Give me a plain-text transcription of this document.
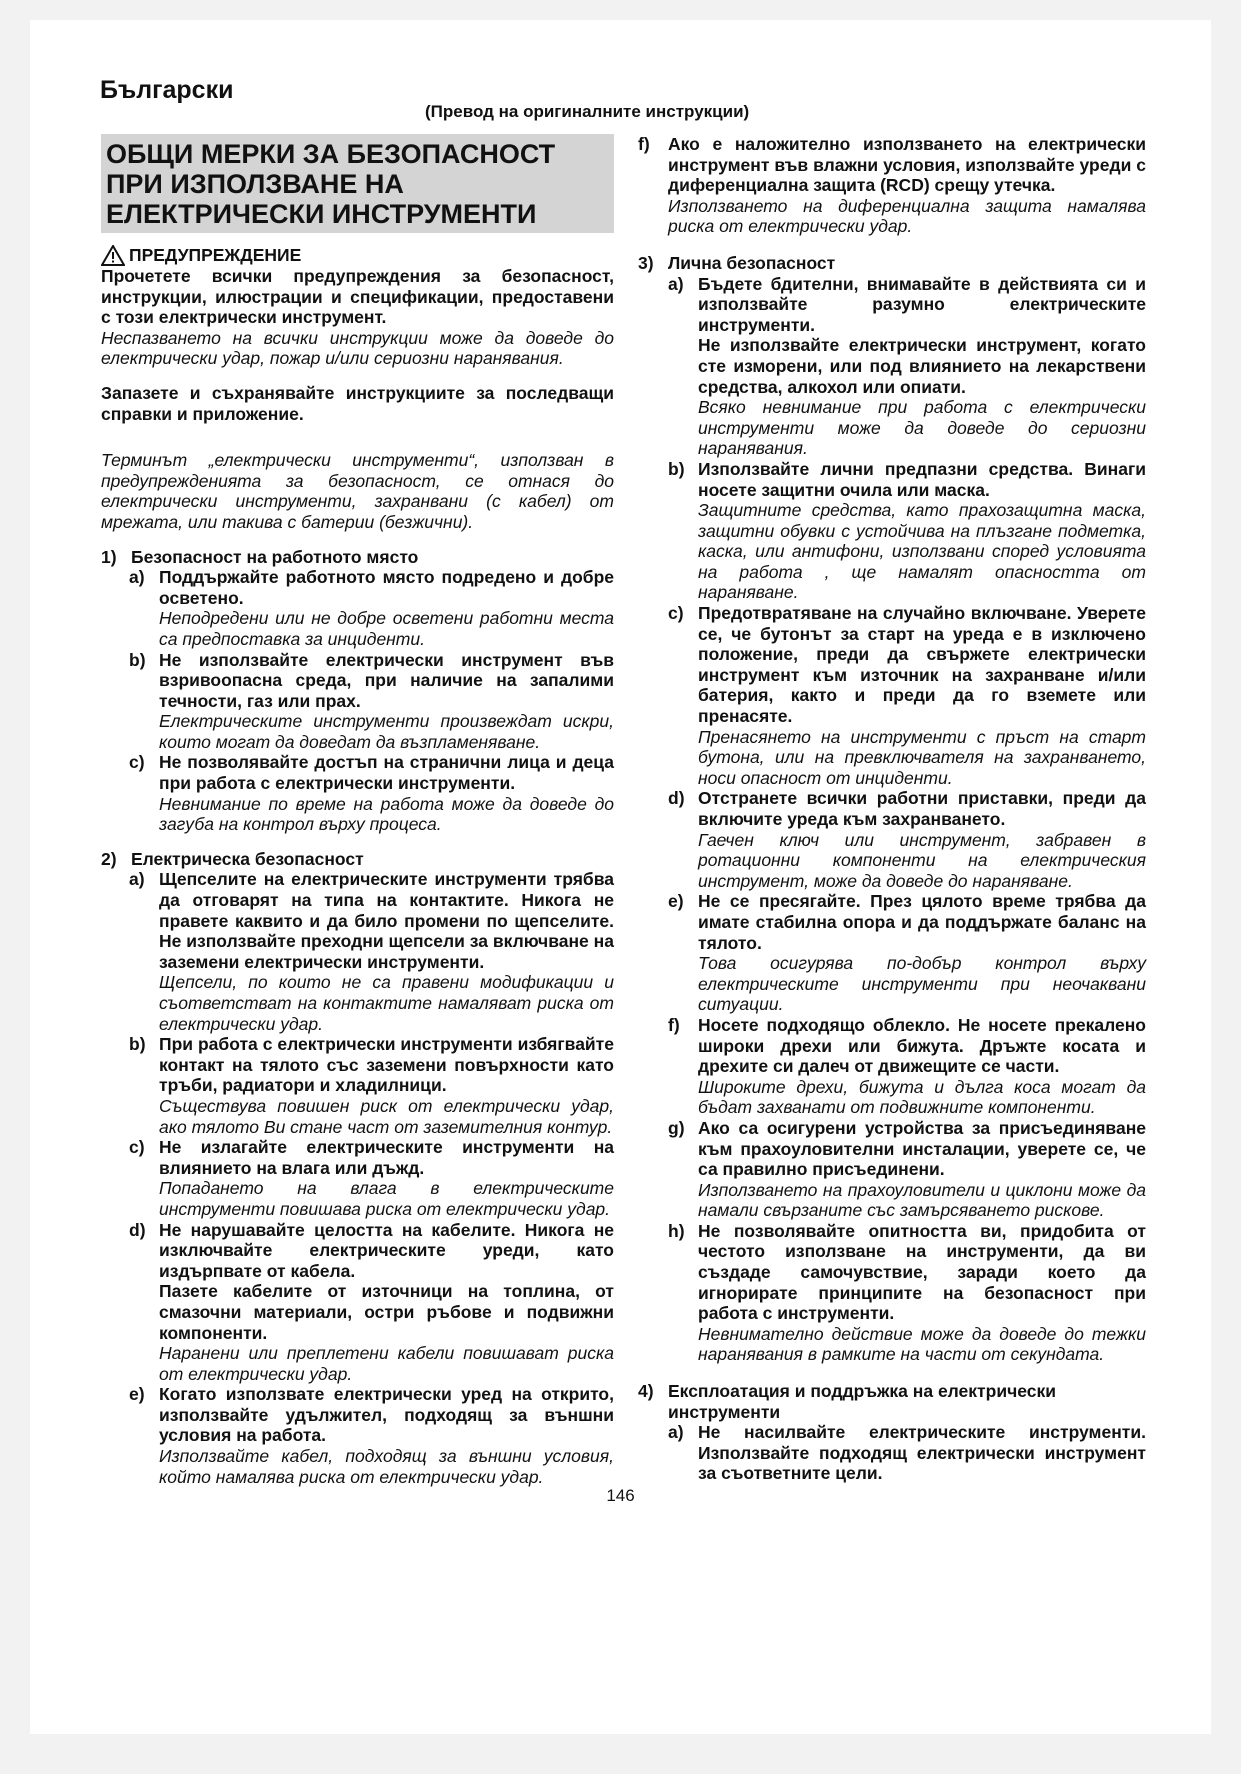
Български
(Превод на оригиналните инструкции)
ОБЩИ МЕРКИ ЗА БЕЗОПАСНОСТ ПРИ ИЗПОЛЗВАНЕ НА ЕЛЕКТРИЧЕСКИ ИНСТРУМЕНТИ
ПРЕДУПРЕЖДЕНИЕ

Прочетете всички предупреждения за безопасност, инструкции, илюстрации и спецификации, предоставени с този електрически инструмент.

Неспазването на всички инструкции може да доведе до електрически удар, пожар и/или сериозни наранявания.

Запазете и съхранявайте инструкциите за последващи справки и приложение.

Терминът „електрически инструменти“, използван в предупрежденията за безопасност, се отнася до електрически инструменти, захранвани (с кабел) от мрежата, или такива с батерии (безжични).

1) Безопасност на работното място
a) Поддържайте работното място подредено и добре осветено.

Неподредени или не добре осветени работни места са предпоставка за инциденти.

b) Не използвайте електрически инструмент във взривоопасна среда, при наличие на запалими течности, газ или прах.

Електрическите инструменти произвеждат искри, които могат да доведат да възпламеняване.

c) Не позволявайте достъп на странични лица и деца при работа с електрически инструменти.

Невнимание по време на работа може да доведе до загуба на контрол върху процеса.

2) Електрическа безопасност
a) Щепселите на електрическите инструменти трябва да отговарят на типа на контактите. Никога не правете каквито и да било промени по щепселите. Не използвайте преходни щепсели за включване на заземени електрически инструменти.

Щепсели, по които не са правени модификации и съответстват на контактите намаляват риска от електрически удар.

b) При работа с електрически инструменти избягвайте контакт на тялото със заземени повърхности като тръби, радиатори и хладилници.

Съществува повишен риск от електрически удар, ако тялото Ви стане част от заземителния контур.

c) Не излагайте електрическите инструменти на влиянието на влага или дъжд.

Попадането на влага в електрическите инструменти повишава риска от електрически удар.

d) Не нарушавайте целостта на кабелите. Никога не изключвайте електрическите уреди, като издърпвате от кабела.

Пазете кабелите от източници на топлина, от смазочни материали, остри ръбове и подвижни компоненти.

Наранени или преплетени кабели повишават риска от електрически удар.

e) Когато използвате електрически уред на открито, използвайте удължител, подходящ за външни условия на работа.

Използвайте кабел, подходящ за външни условия, който намалява риска от електрически удар.

f)	Ако е наложително използването на електрически инструмент във влажни условия, използвайте уреди с диференциална защита (RCD) срещу утечка.

Използването на диференциална защита намалява риска от електрически удар.

3) Лична безопасност
a) Бъдете бдителни, внимавайте в действията си и използвайте разумно електрическите инструменти.

Не използвайте електрически инструмент, когато сте изморени, или под влиянието на лекарствени средства, алкохол или опиати.

Всяко невнимание при работа с електрически инструменти може да доведе до сериозни наранявания.

b) Използвайте лични предпазни средства. Винаги носете защитни очила или маска.

Защитните средства, като прахозащитна маска, защитни обувки с устойчива на плъзгане подметка, каска, или антифони, използвани според условията на работа , ще намалят опасността от нараняване.

c) Предотвратяване на случайно включване. Уверете се, че бутонът за старт на уреда е в изключено положение, преди да свържете електрически инструмент към източник на захранване и/или батерия, както и преди да го вземете или пренасяте.

Пренасянето на инструменти с пръст на старт бутона, или на превключвателя на захранването, носи опасност от инциденти.

d) Отстранете всички работни приставки, преди да включите уреда към захранването.

Гаечен ключ или инструмент, забравен в ротационни компоненти на електрическия инструмент, може да доведе до нараняване.

e) Не се пресягайте. През цялото време трябва да имате стабилна опора и да поддържате баланс на тялото.

Това осигурява по-добър контрол върху електрическите инструменти при неочаквани ситуации.

f)	Носете подходящо облекло. Не носете прекалено широки дрехи или бижута. Дръжте косата и дрехите си далеч от движещите се части.

Широките дрехи, бижута и дълга коса могат да бъдат захванати от подвижните компоненти.

g) Ако са осигурени устройства за присъединяване към прахоуловителни инсталации, уверете се, че са правилно присъединени.

Използването на прахоуловители и циклони може да намали свързаните със замърсяването рискове.

h) Не позволявайте опитността ви, придобита от честото използване на инструменти, да ви създаде самочувствие, заради което да игнорирате принципите на безопасност при работа с инструменти.

Невнимателно действие може да доведе до тежки наранявания в рамките на части от секундата.

4) Експлоатация и поддръжка на електрически инструменти
a) Не насилвайте електрическите инструменти. Използвайте подходящ електрически инструмент за съответните цели.

146
